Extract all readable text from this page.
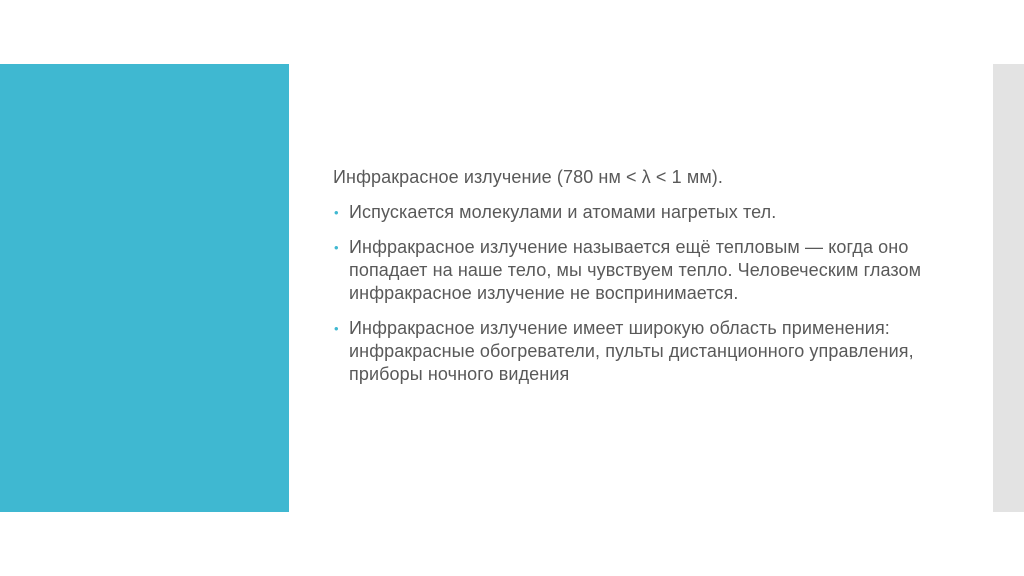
Инфракрасное излучение (780 нм < λ < 1 мм).
• Испускается молекулами и атомами нагретых тел.
• Инфракрасное излучение называется ещё тепловым — когда оно попадает на наше тело, мы чувствуем тепло. Человеческим глазом инфракрасное излучение не воспринимается.
• Инфракрасное излучение имеет широкую область применения: инфракрасные обогреватели, пульты дистанционного управления, приборы ночного видения
